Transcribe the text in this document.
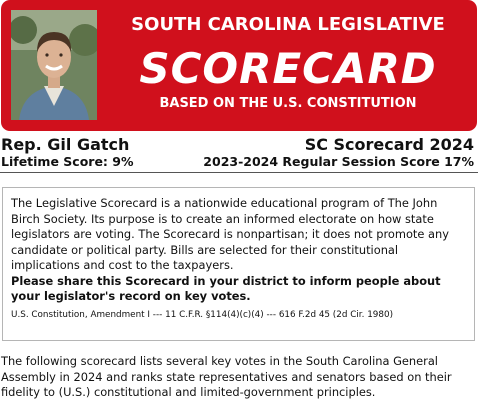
SOUTH CAROLINA LEGISLATIVE
SCORECARD
BASED ON THE U.S. CONSTITUTION
Rep. Gil Gatch	SC Scorecard 2024
Lifetime Score: 9%	2023-2024 Regular Session Score 17%
The Legislative Scorecard is a nationwide educational program of The John Birch Society. Its purpose is to create an informed electorate on how state legislators are voting. The Scorecard is nonpartisan; it does not promote any candidate or political party. Bills are selected for their constitutional implications and cost to the taxpayers.
Please share this Scorecard in your district to inform people about your legislator's record on key votes.
U.S. Constitution, Amendment I --- 11 C.F.R. §114(4)(c)(4) --- 616 F.2d 45 (2d Cir. 1980)
The following scorecard lists several key votes in the South Carolina General Assembly in 2024 and ranks state representatives and senators based on their fidelity to (U.S.) constitutional and limited-government principles.
